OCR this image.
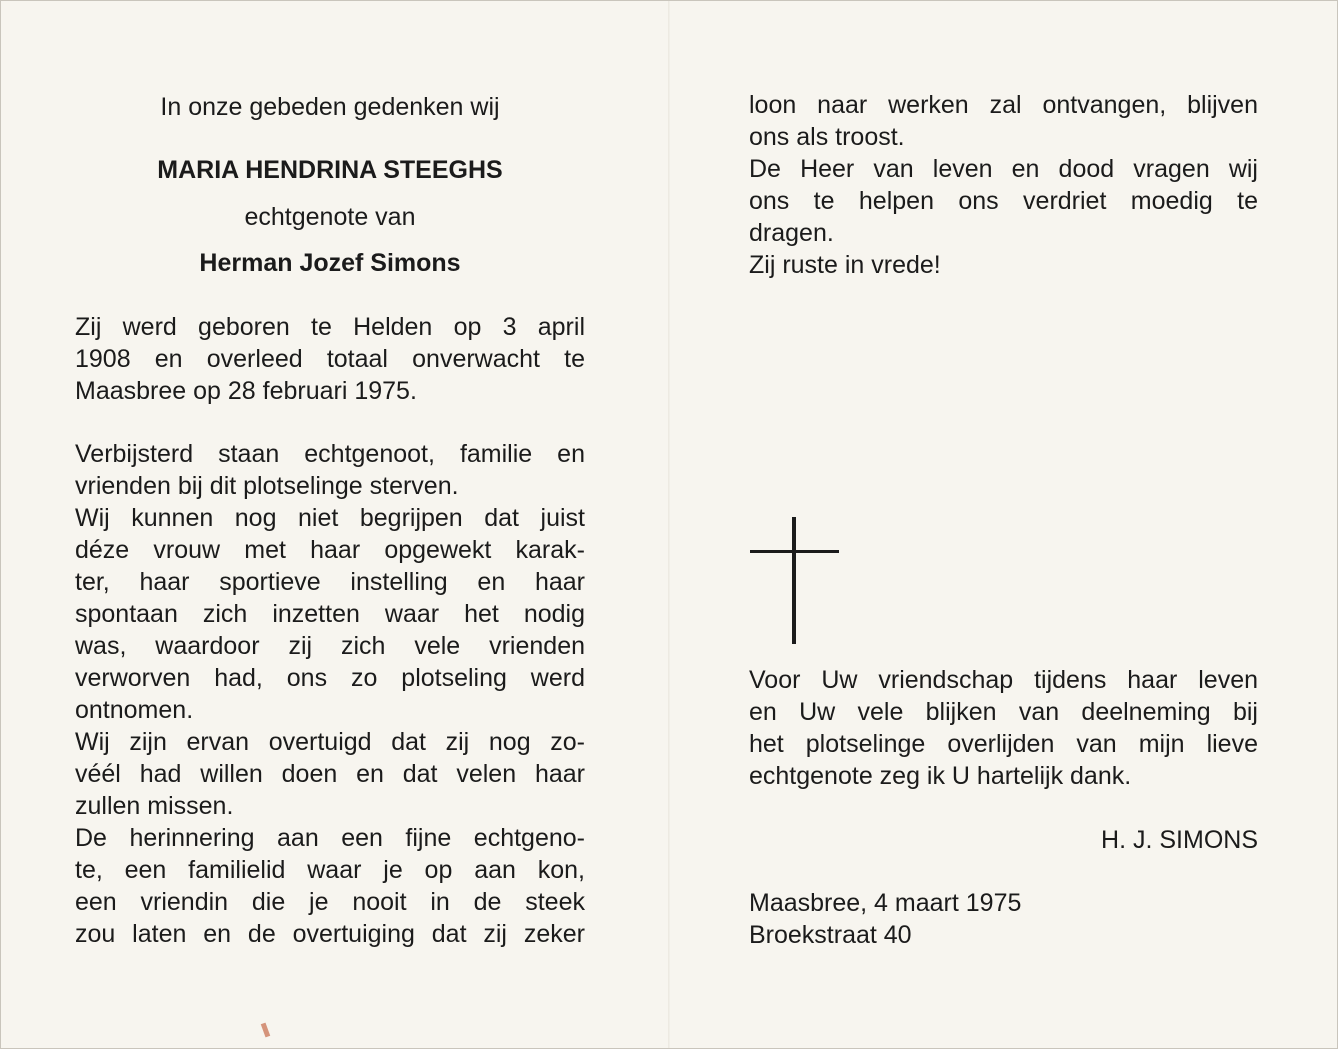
In onze gebeden gedenken wij
MARIA HENDRINA STEEGHS
echtgenote van
Herman Jozef Simons
Zij werd geboren te Helden op 3 april
1908 en overleed totaal onverwacht te
Maasbree op 28 februari 1975.
Verbijsterd staan echtgenoot, familie en
vrienden bij dit plotselinge sterven.
Wij kunnen nog niet begrijpen dat juist
déze vrouw met haar opgewekt karak-
ter, haar sportieve instelling en haar
spontaan zich inzetten waar het nodig
was, waardoor zij zich vele vrienden
verworven had, ons zo plotseling werd
ontnomen.
Wij zijn ervan overtuigd dat zij nog zo-
véél had willen doen en dat velen haar
zullen missen.
De herinnering aan een fijne echtgeno-
te, een familielid waar je op aan kon,
een vriendin die je nooit in de steek
zou laten en de overtuiging dat zij zeker
loon naar werken zal ontvangen, blijven
ons als troost.
De Heer van leven en dood vragen wij
ons te helpen ons verdriet moedig te
dragen.
Zij ruste in vrede!
Voor Uw vriendschap tijdens haar leven
en Uw vele blijken van deelneming bij
het plotselinge overlijden van mijn lieve
echtgenote zeg ik U hartelijk dank.
H. J. SIMONS
Maasbree, 4 maart 1975
Broekstraat 40
